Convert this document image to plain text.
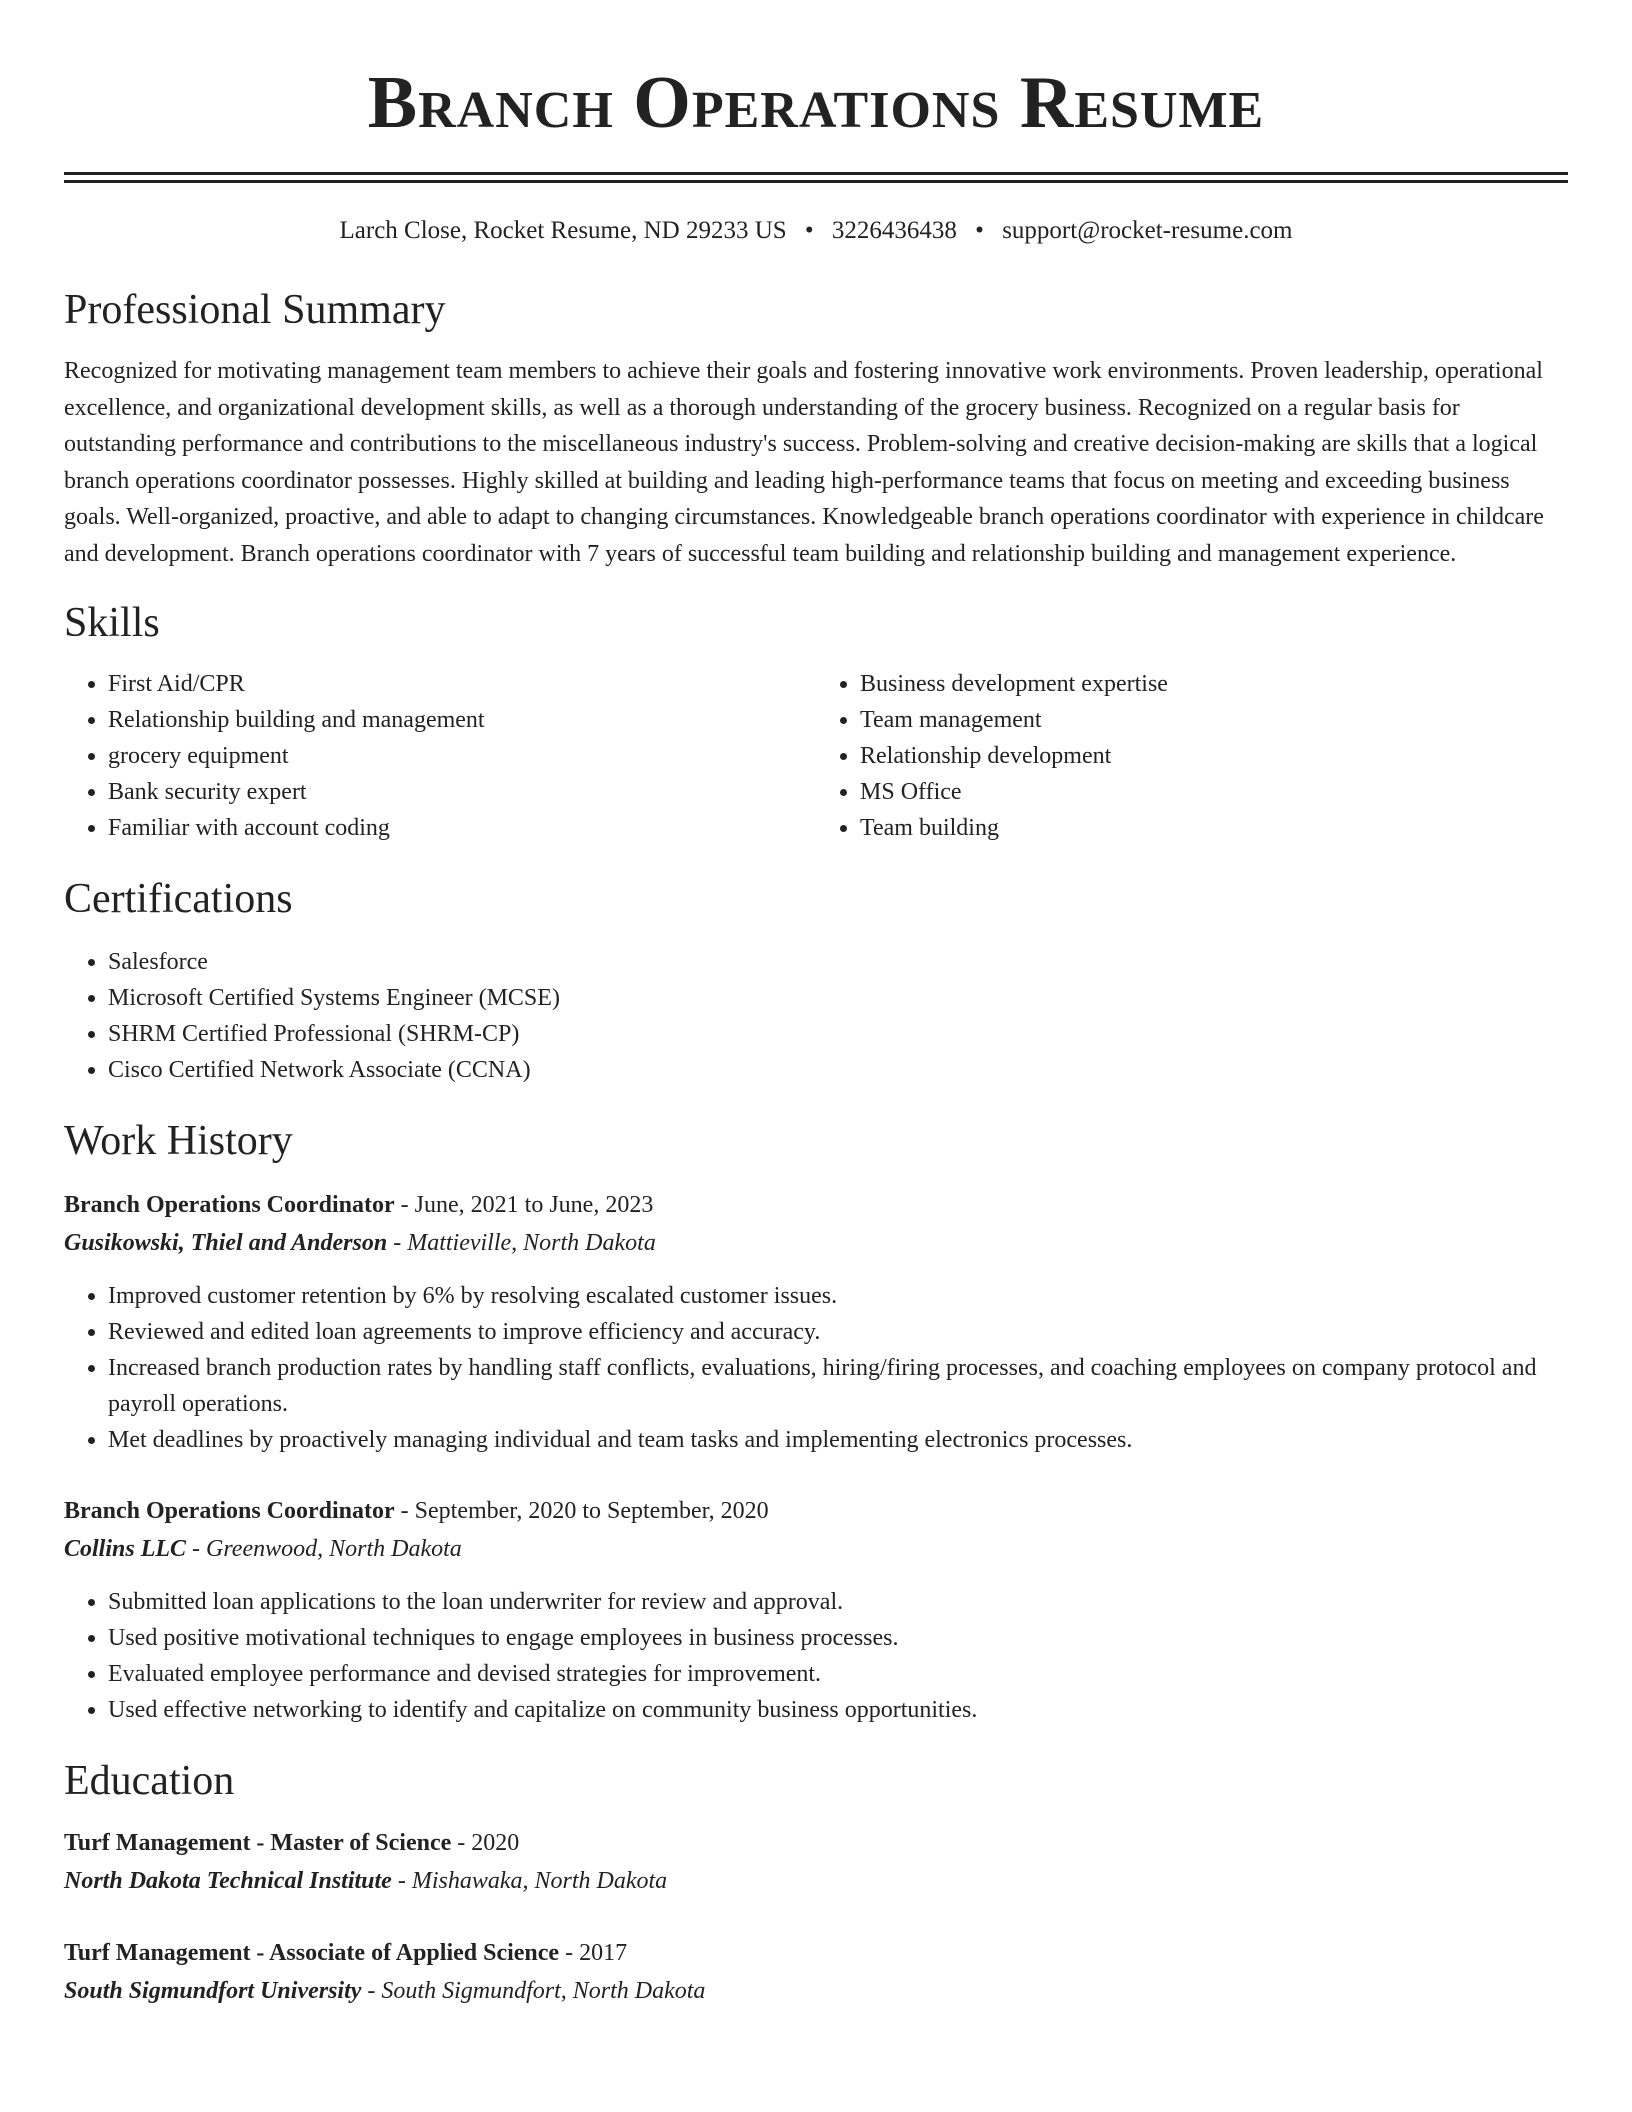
Branch Operations Resume
Larch Close, Rocket Resume, ND 29233 US • 3226436438 • support@rocket-resume.com
Professional Summary

Recognized for motivating management team members to achieve their goals and fostering innovative work environments. Proven leadership, operational excellence, and organizational development skills, as well as a thorough understanding of the grocery business. Recognized on a regular basis for outstanding performance and contributions to the miscellaneous industry's success. Problem-solving and creative decision-making are skills that a logical branch operations coordinator possesses. Highly skilled at building and leading high-performance teams that focus on meeting and exceeding business goals. Well-organized, proactive, and able to adapt to changing circumstances. Knowledgeable branch operations coordinator with experience in childcare and development. Branch operations coordinator with 7 years of successful team building and relationship building and management experience.

Skills
• First Aid/CPR
• Relationship building and management
• grocery equipment
• Bank security expert
• Familiar with account coding
• Business development expertise
• Team management
• Relationship development
• MS Office
• Team building
Certifications
• Salesforce
• Microsoft Certified Systems Engineer (MCSE)
• SHRM Certified Professional (SHRM-CP)
• Cisco Certified Network Associate (CCNA)
Work History
Branch Operations Coordinator - June, 2021 to June, 2023
Gusikowski, Thiel and Anderson - Mattieville, North Dakota
• Improved customer retention by 6% by resolving escalated customer issues.
• Reviewed and edited loan agreements to improve efficiency and accuracy.
• Increased branch production rates by handling staff conflicts, evaluations, hiring/firing processes, and coaching employees on company protocol and payroll operations.
• Met deadlines by proactively managing individual and team tasks and implementing electronics processes.
Branch Operations Coordinator - September, 2020 to September, 2020
Collins LLC - Greenwood, North Dakota
• Submitted loan applications to the loan underwriter for review and approval.
• Used positive motivational techniques to engage employees in business processes.
• Evaluated employee performance and devised strategies for improvement.
• Used effective networking to identify and capitalize on community business opportunities.
Education
Turf Management - Master of Science - 2020
North Dakota Technical Institute - Mishawaka, North Dakota
Turf Management - Associate of Applied Science - 2017
South Sigmundfort University - South Sigmundfort, North Dakota
